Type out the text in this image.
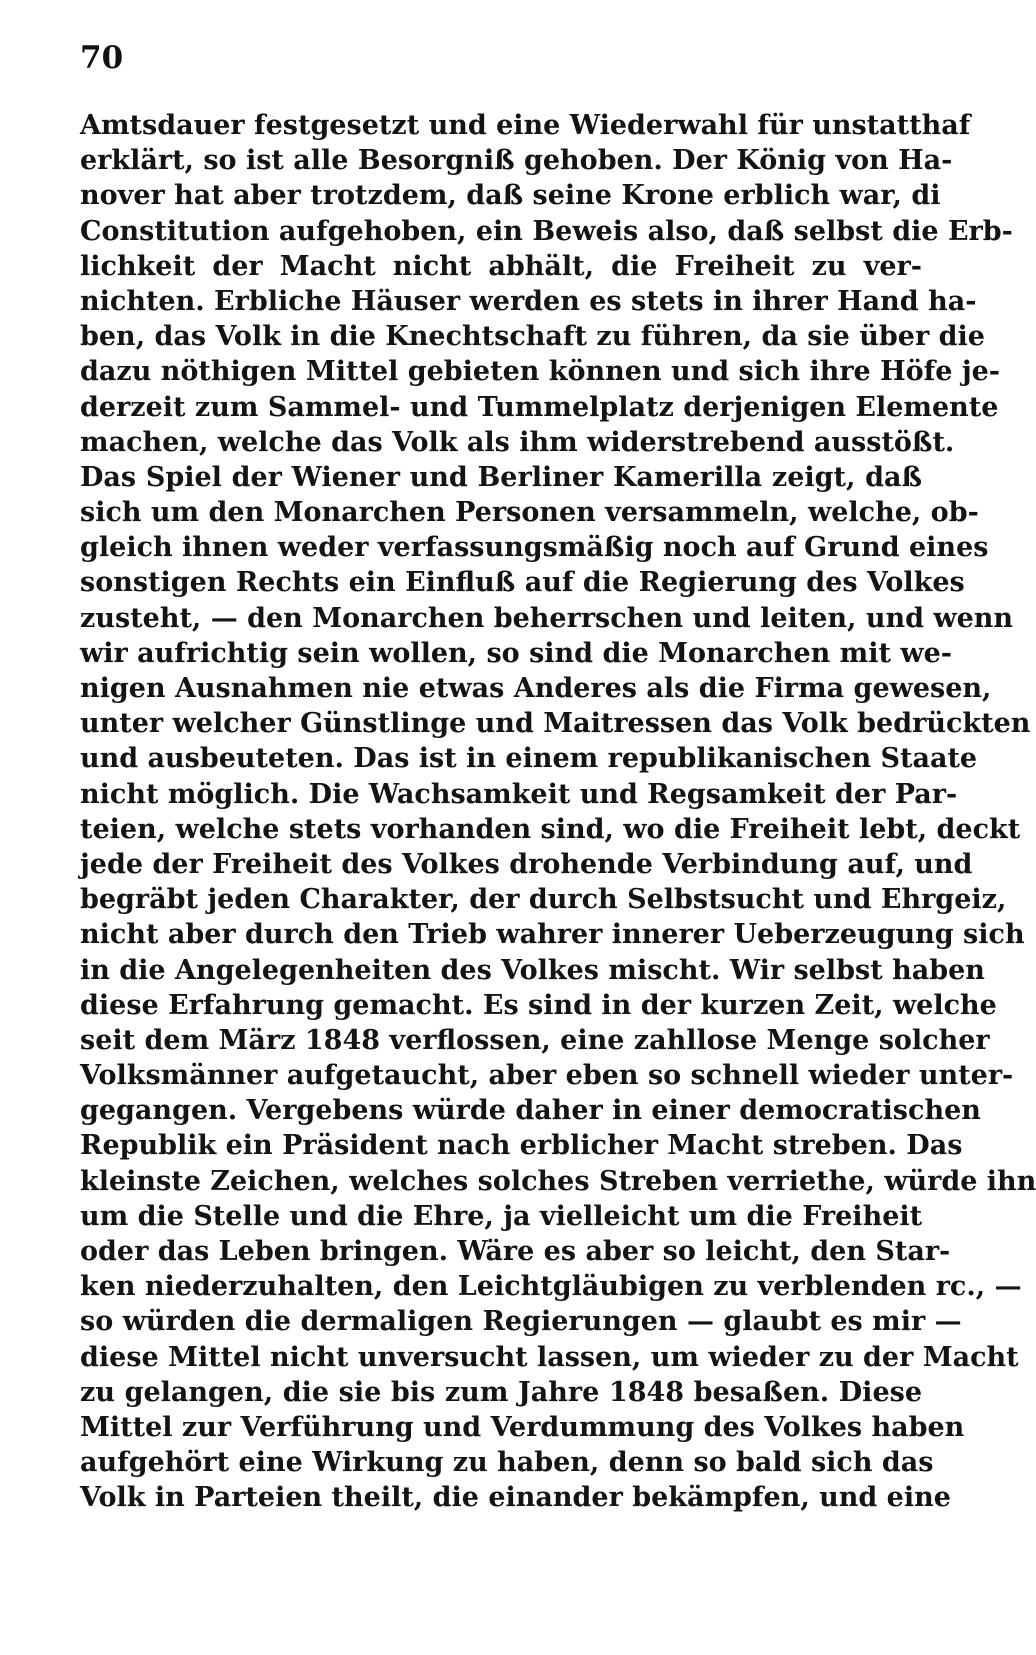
70
Amtsdauer festgesetzt und eine Wiederwahl für unstatthaf
erklärt, so ist alle Besorgniß gehoben. Der König von Ha-
nover hat aber trotzdem, daß seine Krone erblich war, di
Constitution aufgehoben, ein Beweis also, daß selbst die Erb-
lichkeit der Macht nicht abhält, die Freiheit zu ver-
nichten. Erbliche Häuser werden es stets in ihrer Hand ha-
ben, das Volk in die Knechtschaft zu führen, da sie über die
dazu nöthigen Mittel gebieten können und sich ihre Höfe je-
derzeit zum Sammel- und Tummelplatz derjenigen Elemente
machen, welche das Volk als ihm widerstrebend ausstößt.
Das Spiel der Wiener und Berliner Kamerilla zeigt, daß
sich um den Monarchen Personen versammeln, welche, ob-
gleich ihnen weder verfassungsmäßig noch auf Grund eines
sonstigen Rechts ein Einfluß auf die Regierung des Volkes
zusteht, — den Monarchen beherrschen und leiten, und wenn
wir aufrichtig sein wollen, so sind die Monarchen mit we-
nigen Ausnahmen nie etwas Anderes als die Firma gewesen,
unter welcher Günstlinge und Maitressen das Volk bedrückten
und ausbeuteten. Das ist in einem republikanischen Staate
nicht möglich. Die Wachsamkeit und Regsamkeit der Par-
teien, welche stets vorhanden sind, wo die Freiheit lebt, deckt
jede der Freiheit des Volkes drohende Verbindung auf, und
begräbt jeden Charakter, der durch Selbstsucht und Ehrgeiz,
nicht aber durch den Trieb wahrer innerer Ueberzeugung sich
in die Angelegenheiten des Volkes mischt. Wir selbst haben
diese Erfahrung gemacht. Es sind in der kurzen Zeit, welche
seit dem März 1848 verflossen, eine zahllose Menge solcher
Volksmänner aufgetaucht, aber eben so schnell wieder unter-
gegangen. Vergebens würde daher in einer democratischen
Republik ein Präsident nach erblicher Macht streben. Das
kleinste Zeichen, welches solches Streben verriethe, würde ihn
um die Stelle und die Ehre, ja vielleicht um die Freiheit
oder das Leben bringen. Wäre es aber so leicht, den Star-
ken niederzuhalten, den Leichtgläubigen zu verblenden rc., —
so würden die dermaligen Regierungen — glaubt es mir —
diese Mittel nicht unversucht lassen, um wieder zu der Macht
zu gelangen, die sie bis zum Jahre 1848 besaßen. Diese
Mittel zur Verführung und Verdummung des Volkes haben
aufgehört eine Wirkung zu haben, denn so bald sich das
Volk in Parteien theilt, die einander bekämpfen, und eine
